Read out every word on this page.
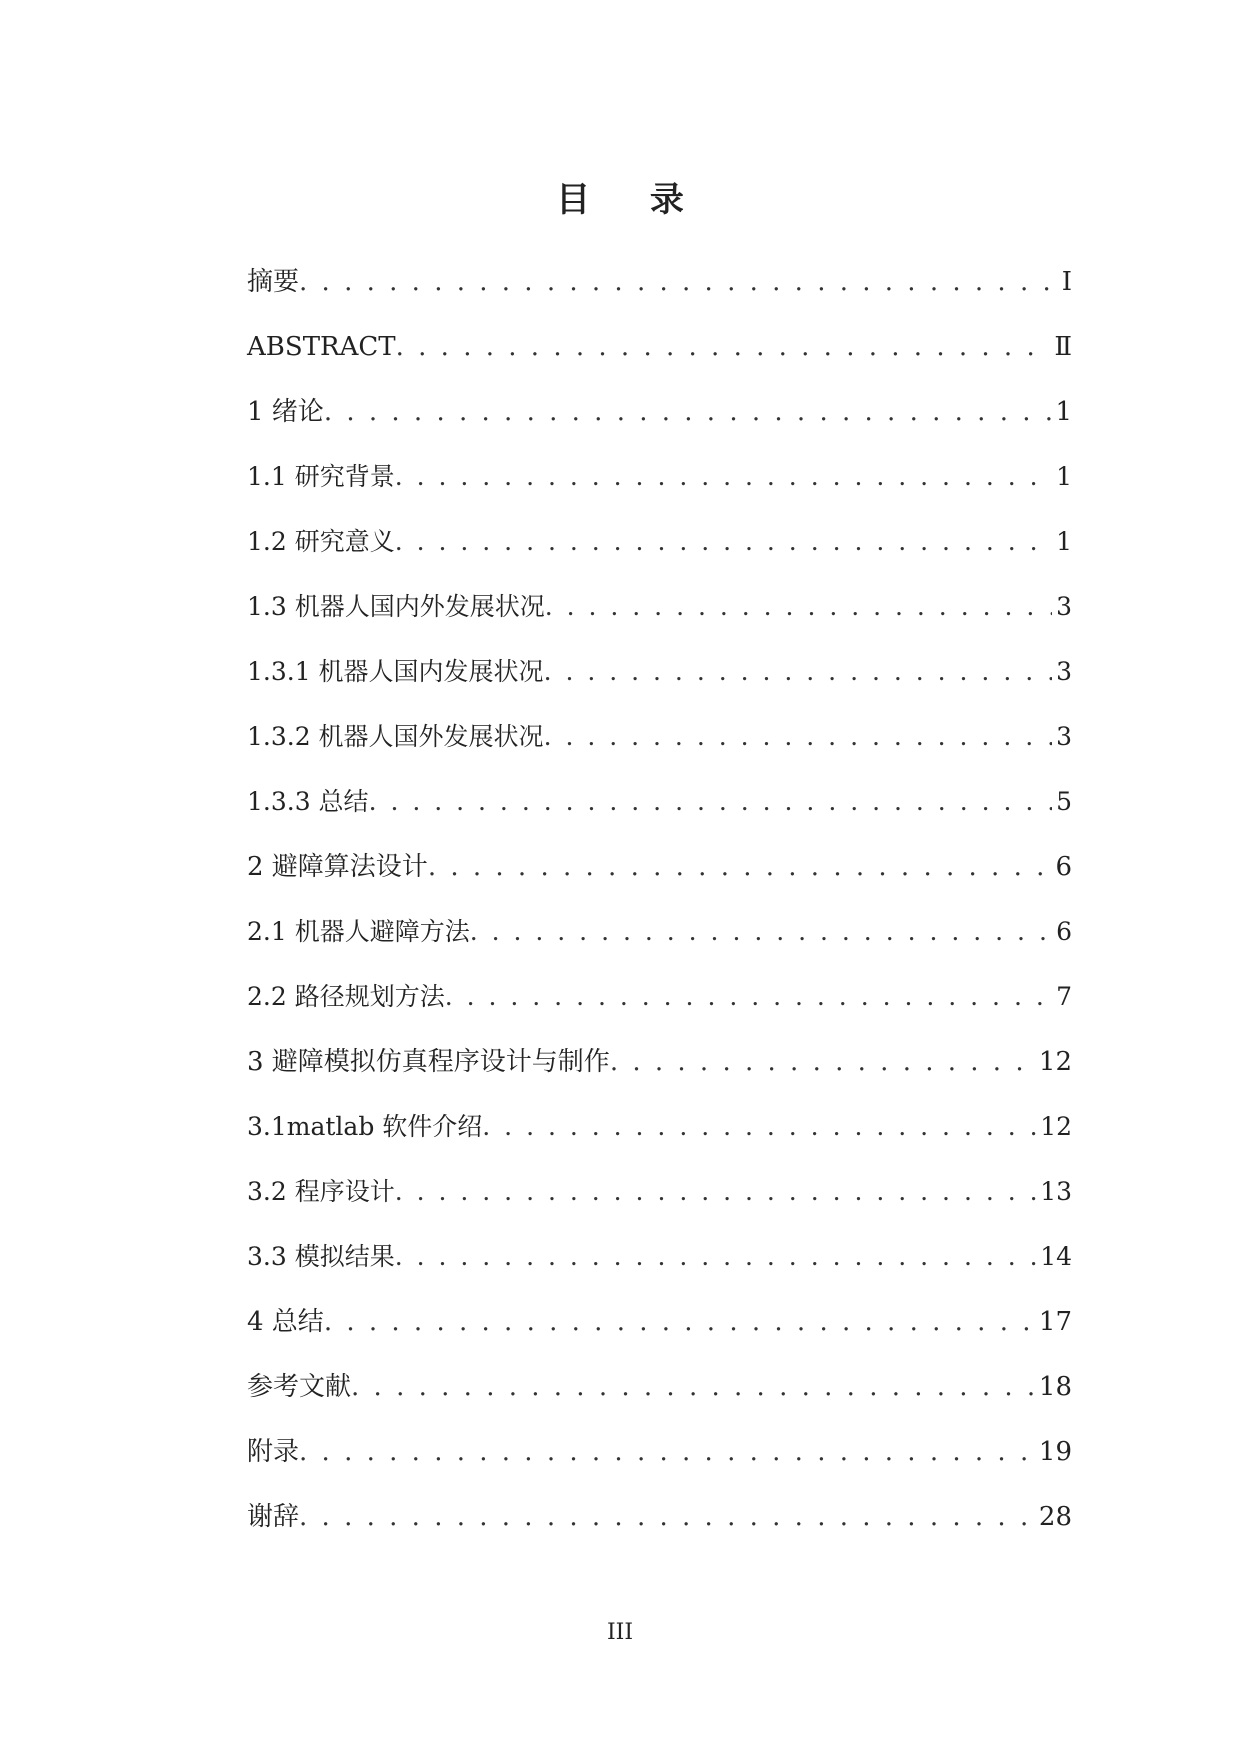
目 录
摘要 . . .	Ⅰ
ABSTRACT . . .	Ⅱ
1 绪论 . . .	1
1.1 研究背景 . . .	1
1.2 研究意义 . . .	1
1.3 机器人国内外发展状况 . . .	3
1.3.1 机器人国内发展状况 . . .	3
1.3.2 机器人国外发展状况 . . .	3
1.3.3 总结 . . .	5
2 避障算法设计 . . .	6
2.1 机器人避障方法 . . .	6
2.2 路径规划方法 . . .	7
3 避障模拟仿真程序设计与制作 . . .	12
3.1matlab 软件介绍 . . .	12
3.2 程序设计 . . .	13
3.3 模拟结果 . . .	14
4 总结 . . .	17
参考文献 . . .	18
附录 . . .	19
谢辞 . . .	28
III
